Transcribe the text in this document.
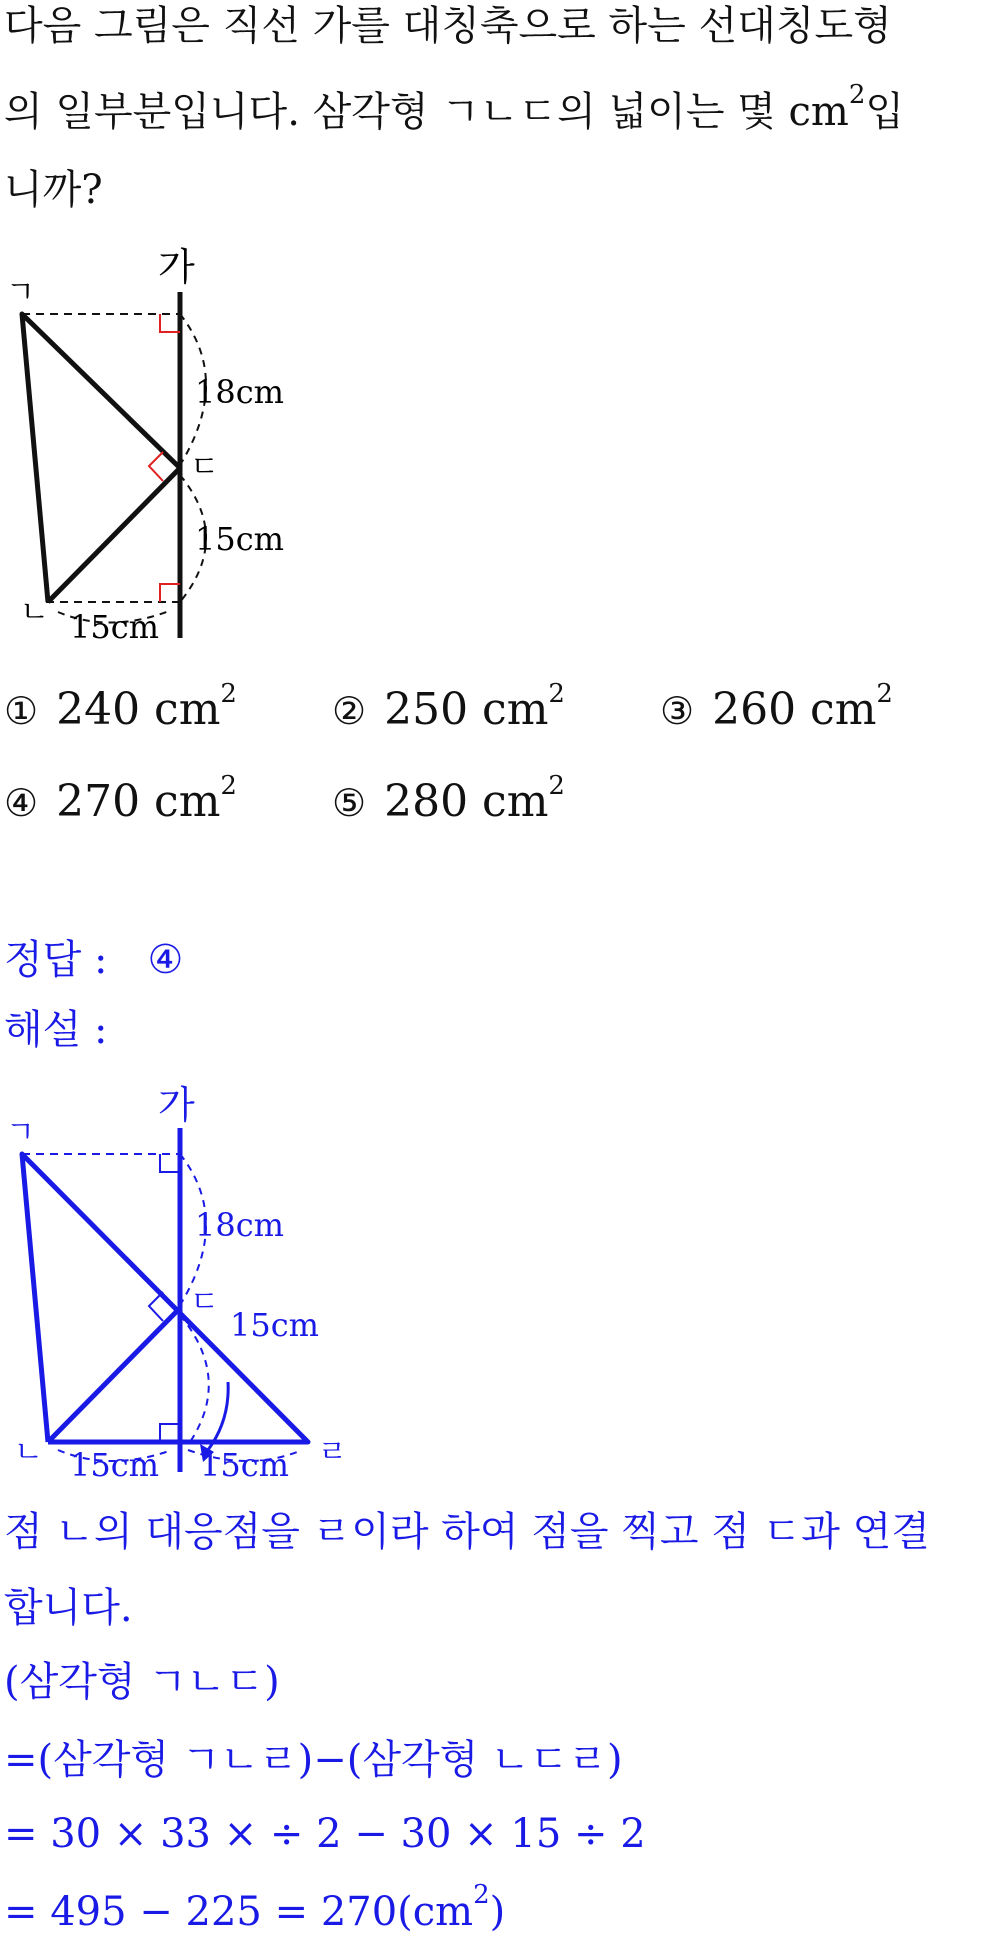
다음 그림은 직선 가를 대칭축으로 하는 선대칭도형
의 일부분입니다. 삼각형 ㄱㄴㄷ의 넓이는 몇 $cm^2$입
니까?
가
ㄱ
ㄷ
ㄴ
18cm
15cm
15cm
① 240 $cm^2$	② 250 $cm^2$	③ 260 $cm^2$
④ 270 $cm^2$	⑤ 280 $cm^2$
정답 : ④
해설 :
가
ㄱ
ㄷ
ㄴ	ㄹ
18cm
15cm
15cm 15cm
점 ㄴ의 대응점을 ㄹ이라 하여 점을 찍고 점 ㄷ과 연결
합니다.
(삼각형 ㄱㄴㄷ)
=(삼각형 ㄱㄴㄹ)−(삼각형 ㄴㄷㄹ)
= 30 × 33 × ÷ 2 − 30 × 15 ÷ 2
= $495 - 225 = 270(cm^2)$
